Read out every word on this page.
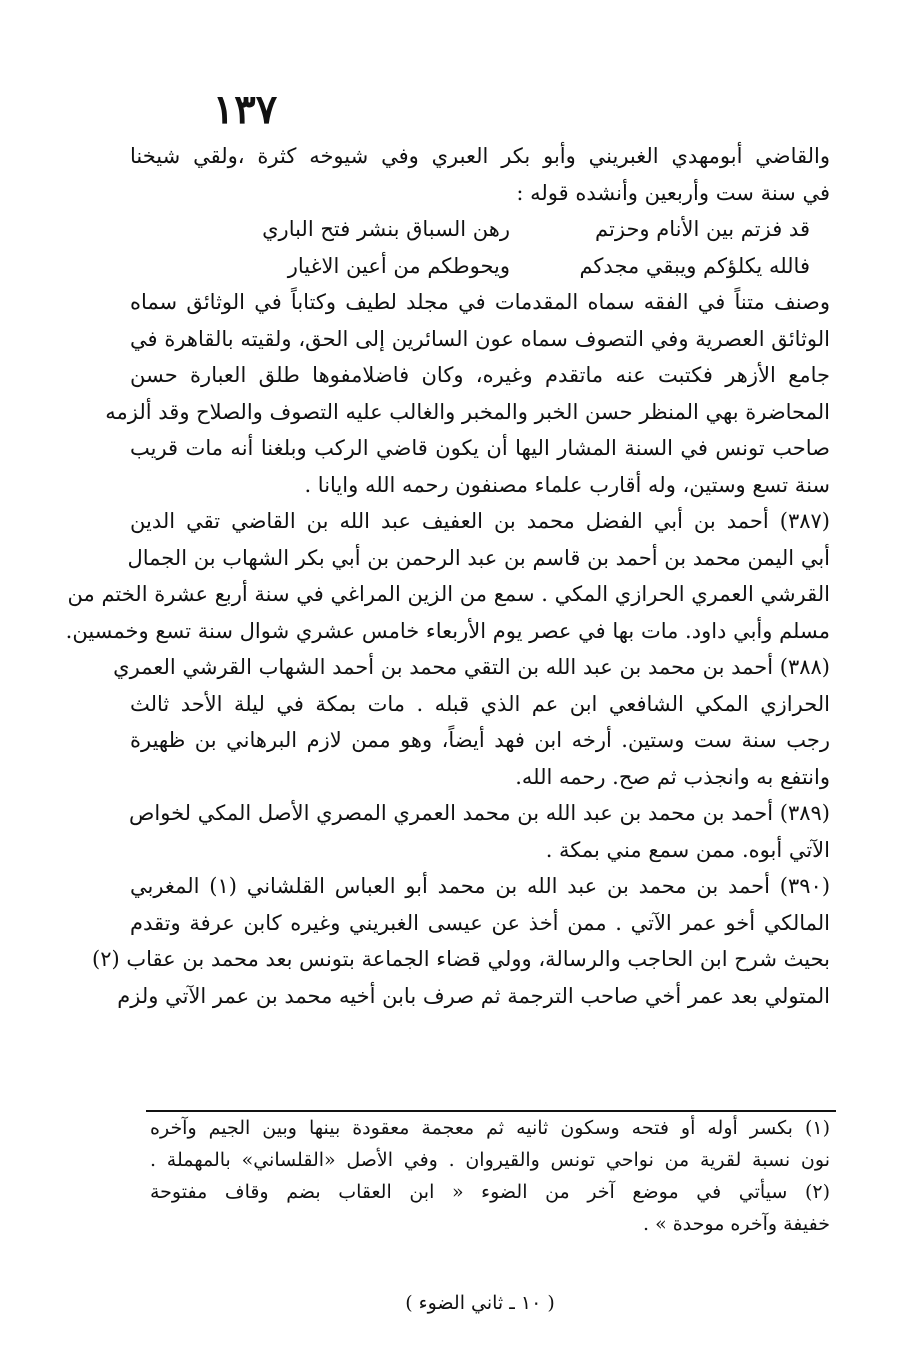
١٣٧
والقاضي أبومهدي الغبريني وأبو بكر العبري وفي شيوخه كثرة ،ولقي شيخنا
في سنة ست وأربعين وأنشده قوله :
قد فزتم بين الأنام وحزتم
رهن السباق بنشر فتح الباري
فالله يكلؤكم ويبقي مجدكم
ويحوطكم من أعين الاغيار
وصنف متناً في الفقه سماه المقدمات في مجلد لطيف وكتاباً في الوثائق سماه
الوثائق العصرية وفي التصوف سماه عون السائرين إلى الحق، ولقيته بالقاهرة في
جامع الأزهر فكتبت عنه ماتقدم وغيره، وكان فاضلامفوها طلق العبارة حسن
المحاضرة بهي المنظر حسن الخبر والمخبر والغالب عليه التصوف والصلاح وقد ألزمه
صاحب تونس في السنة المشار اليها أن يكون قاضي الركب وبلغنا أنه مات قريب
سنة تسع وستين، وله أقارب علماء مصنفون رحمه الله وايانا .
(٣٨٧) أحمد بن أبي الفضل محمد بن العفيف عبد الله بن القاضي تقي الدين
أبي اليمن محمد بن أحمد بن قاسم بن عبد الرحمن بن أبي بكر الشهاب بن الجمال
القرشي العمري الحرازي المكي . سمع من الزين المراغي في سنة أربع عشرة الختم من
مسلم وأبي داود. مات بها في عصر يوم الأربعاء خامس عشري شوال سنة تسع وخمسين.
(٣٨٨) أحمد بن محمد بن عبد الله بن التقي محمد بن أحمد الشهاب القرشي العمري
الحرازي المكي الشافعي ابن عم الذي قبله . مات بمكة في ليلة الأحد ثالث
رجب سنة ست وستين. أرخه ابن فهد أيضاً، وهو ممن لازم البرهاني بن ظهيرة
وانتفع به وانجذب ثم صح. رحمه الله.
(٣٨٩) أحمد بن محمد بن عبد الله بن محمد العمري المصري الأصل المكي لخواص
الآتي أبوه. ممن سمع مني بمكة .
(٣٩٠) أحمد بن محمد بن عبد الله بن محمد أبو العباس القلشاني (١) المغربي
المالكي أخو عمر الآتي . ممن أخذ عن عيسى الغبريني وغيره كابن عرفة وتقدم
بحيث شرح ابن الحاجب والرسالة، وولي قضاء الجماعة بتونس بعد محمد بن عقاب (٢)
المتولي بعد عمر أخي صاحب الترجمة ثم صرف بابن أخيه محمد بن عمر الآتي ولزم
(١) بكسر أوله أو فتحه وسكون ثانيه ثم معجمة معقودة بينها وبين الجيم وآخره
نون نسبة لقرية من نواحي تونس والقيروان . وفي الأصل «القلساني» بالمهملة .
(٢) سيأتي في موضع آخر من الضوء « ابن العقاب بضم وقاف مفتوحة
خفيفة وآخره موحدة » .
( ١٠ ـ ثاني الضوء )
